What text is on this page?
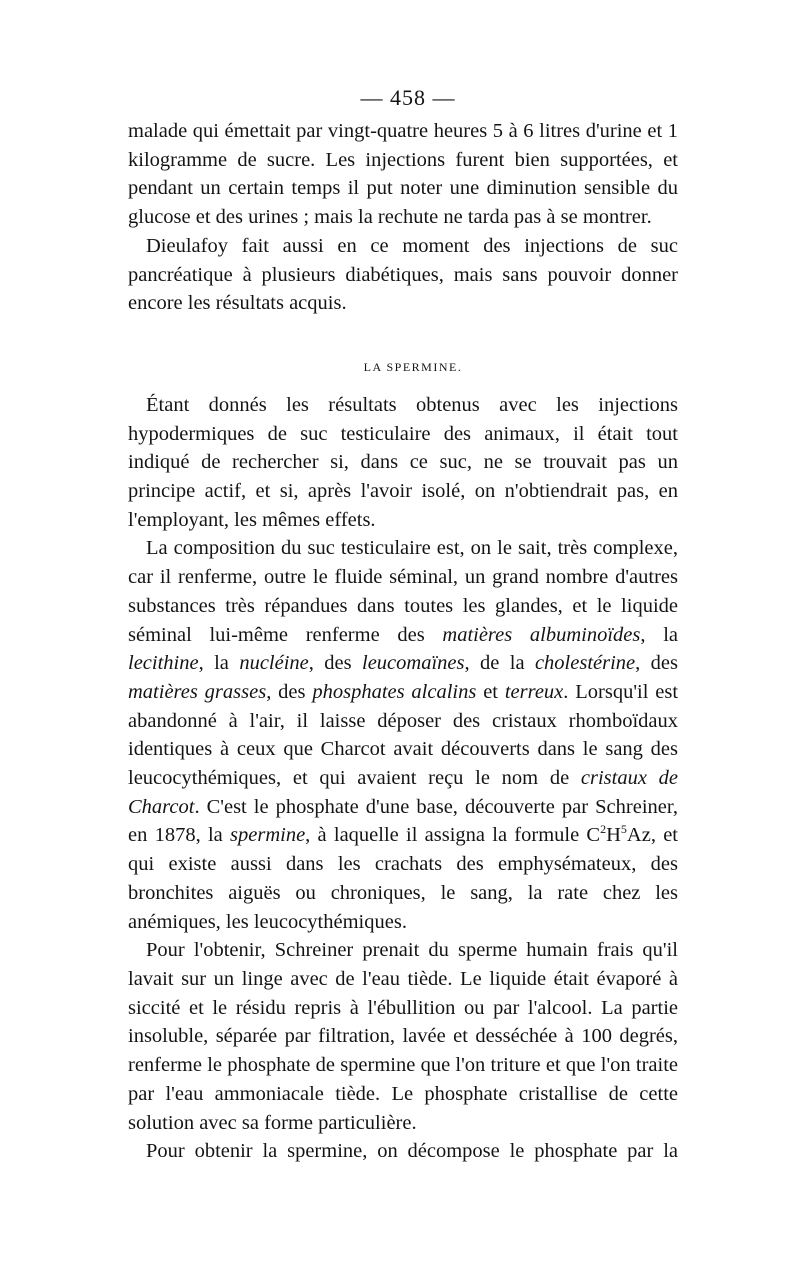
— 458 —

malade qui émettait par vingt-quatre heures 5 à 6 litres d'urine et 1 kilogramme de sucre. Les injections furent bien supportées, et pendant un certain temps il put noter une diminution sensible du glucose et des urines ; mais la rechute ne tarda pas à se montrer.

Dieulafoy fait aussi en ce moment des injections de suc pancréatique à plusieurs diabétiques, mais sans pouvoir donner encore les résultats acquis.

LA SPERMINE.

Étant donnés les résultats obtenus avec les injections hypodermiques de suc testiculaire des animaux, il était tout indiqué de rechercher si, dans ce suc, ne se trouvait pas un principe actif, et si, après l'avoir isolé, on n'obtiendrait pas, en l'employant, les mêmes effets.

La composition du suc testiculaire est, on le sait, très complexe, car il renferme, outre le fluide séminal, un grand nombre d'autres substances très répandues dans toutes les glandes, et le liquide séminal lui-même renferme des matières albuminoïdes, la lecithine, la nucléine, des leucomaïnes, de la cholestérine, des matières grasses, des phosphates alcalins et terreux. Lorsqu'il est abandonné à l'air, il laisse déposer des cristaux rhomboïdaux identiques à ceux que Charcot avait découverts dans le sang des leucocythémiques, et qui avaient reçu le nom de cristaux de Charcot. C'est le phosphate d'une base, découverte par Schreiner, en 1878, la spermine, à laquelle il assigna la formule $C^2H^5Az$, et qui existe aussi dans les crachats des emphysémateux, des bronchites aiguës ou chroniques, le sang, la rate chez les anémiques, les leucocythémiques.

Pour l'obtenir, Schreiner prenait du sperme humain frais qu'il lavait sur un linge avec de l'eau tiède. Le liquide était évaporé à siccité et le résidu repris à l'ébullition ou par l'alcool. La partie insoluble, séparée par filtration, lavée et desséchée à 100 degrés, renferme le phosphate de spermine que l'on triture et que l'on traite par l'eau ammoniacale tiède. Le phosphate cristallise de cette solution avec sa forme particulière.

Pour obtenir la spermine, on décompose le phosphate par la
